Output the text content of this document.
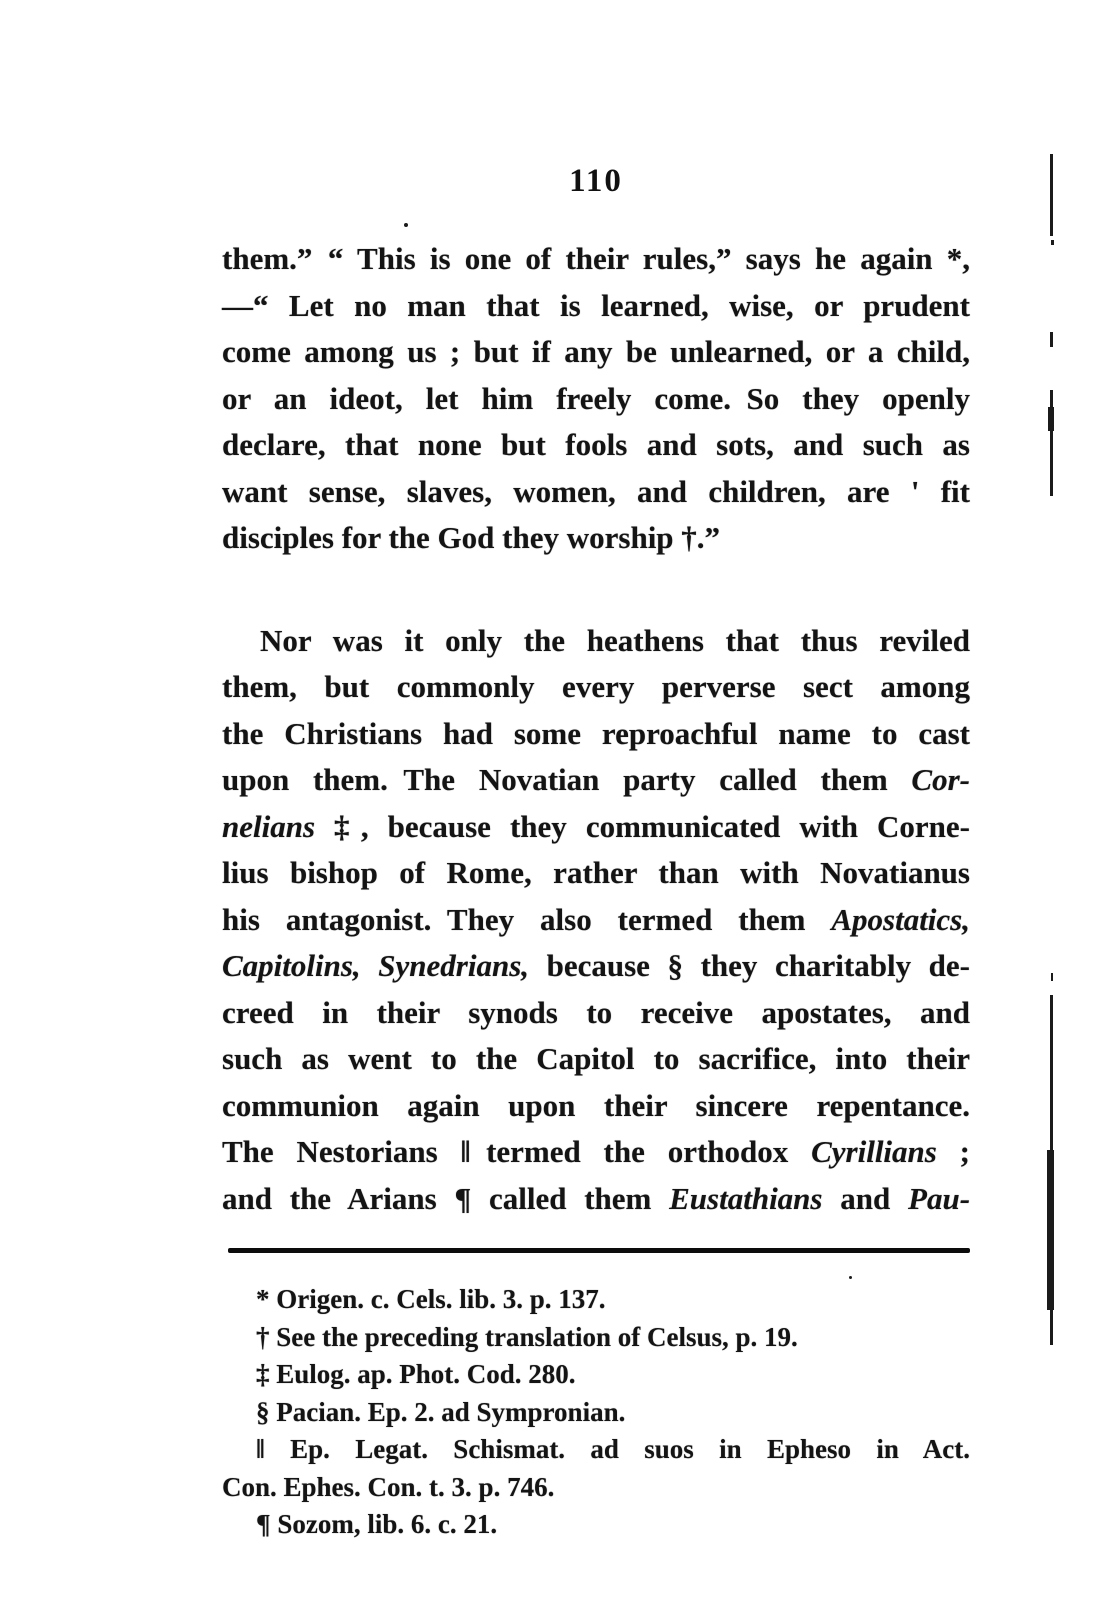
110
them.” “ This is one of their rules,” says he again *,
—“ Let no man that is learned, wise, or prudent
come among us ; but if any be unlearned, or a child,
or an ideot, let him freely come. So they openly
declare, that none but fools and sots, and such as
want sense, slaves, women, and children, are ' fit
disciples for the God they worship †.”
Nor was it only the heathens that thus reviled
them, but commonly every perverse sect among
the Christians had some reproachful name to cast
upon them. The Novatian party called them Cor-
nelians ‡, because they communicated with Corne-
lius bishop of Rome, rather than with Novatianus
his antagonist. They also termed them Apostatics,
Capitolins, Synedrians, because § they charitably de-
creed in their synods to receive apostates, and
such as went to the Capitol to sacrifice, into their
communion again upon their sincere repentance.
The Nestorians ‖ termed the orthodox Cyrillians ;
and the Arians ¶ called them Eustathians and Pau-
* Origen. c. Cels. lib. 3. p. 137.
† See the preceding translation of Celsus, p. 19.
‡ Eulog. ap. Phot. Cod. 280.
§ Pacian. Ep. 2. ad Sympronian.
‖ Ep. Legat. Schismat. ad suos in Epheso in Act.
Con. Ephes. Con. t. 3. p. 746.
¶ Sozom, lib. 6. c. 21.
